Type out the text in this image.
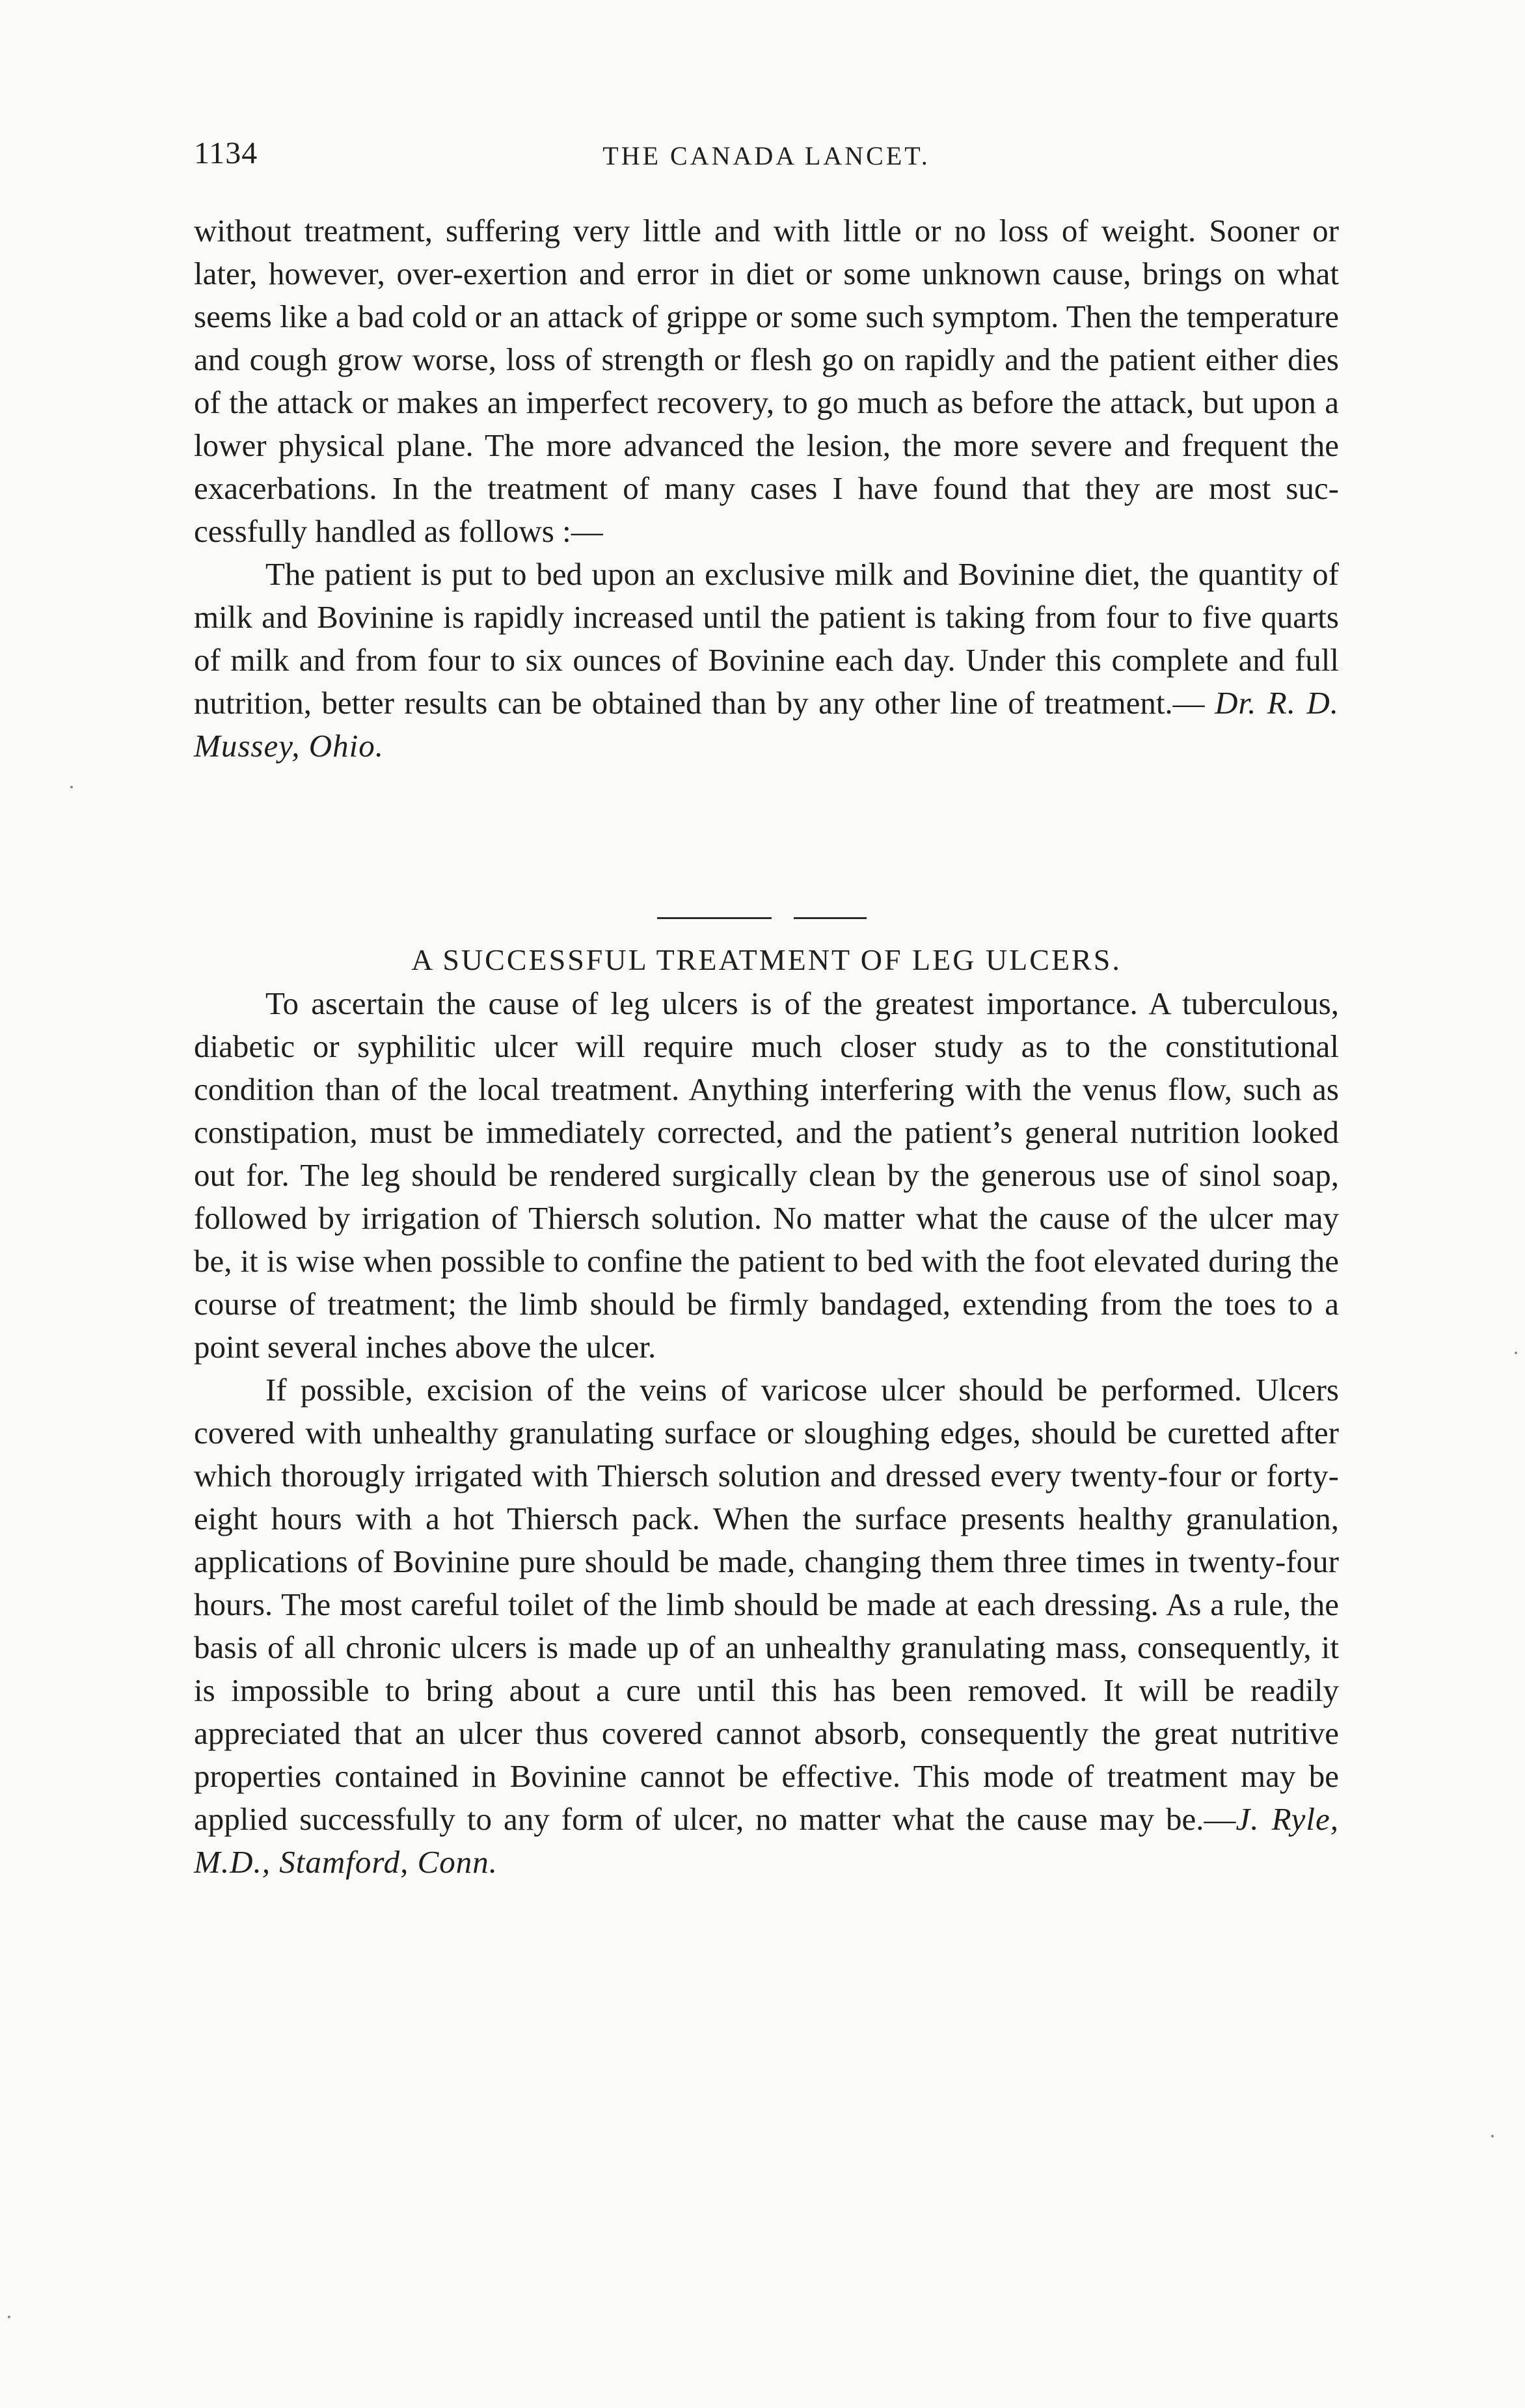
1134	THE CANADA LANCET.

without treatment, suffering very little and with little or no loss of weight. Sooner or later, however, over-exertion and error in diet or some unknown cause, brings on what seems like a bad cold or an attack of grippe or some such symptom. Then the temperature and cough grow worse, loss of strength or flesh go on rapidly and the patient either dies of the attack or makes an imperfect recovery, to go much as before the attack, but upon a lower physical plane. The more advanced the lesion, the more severe and frequent the exacerbations. In the treatment of many cases I have found that they are most successfully handled as follows :—

The patient is put to bed upon an exclusive milk and Bovinine diet, the quantity of milk and Bovinine is rapidly increased until the patient is taking from four to five quarts of milk and from four to six ounces of Bovinine each day. Under this complete and full nutrition, better results can be obtained than by any other line of treatment.— Dr. R. D. Mussey, Ohio.

A SUCCESSFUL TREATMENT OF LEG ULCERS.

To ascertain the cause of leg ulcers is of the greatest importance. A tuberculous, diabetic or syphilitic ulcer will require much closer study as to the constitutional condition than of the local treatment. Anything interfering with the venus flow, such as constipation, must be immediately corrected, and the patient’s general nutrition looked out for. The leg should be rendered surgically clean by the generous use of sinol soap, followed by irrigation of Thiersch solution. No matter what the cause of the ulcer may be, it is wise when possible to confine the patient to bed with the foot elevated during the course of treatment; the limb should be firmly bandaged, extending from the toes to a point several inches above the ulcer.

If possible, excision of the veins of varicose ulcer should be performed. Ulcers covered with unhealthy granulating surface or sloughing edges, should be curetted after which thorougly irrigated with Thiersch solution and dressed every twenty-four or forty-eight hours with a hot Thiersch pack. When the surface presents healthy granulation, applications of Bovinine pure should be made, changing them three times in twenty-four hours. The most careful toilet of the limb should be made at each dressing. As a rule, the basis of all chronic ulcers is made up of an unhealthy granulating mass, consequently, it is impossible to bring about a cure until this has been removed. It will be readily appreciated that an ulcer thus covered cannot absorb, consequently the great nutritive properties contained in Bovinine cannot be effective. This mode of treatment may be applied successfully to any form of ulcer, no matter what the cause may be.—J. Ryle, M.D., Stamford, Conn.
